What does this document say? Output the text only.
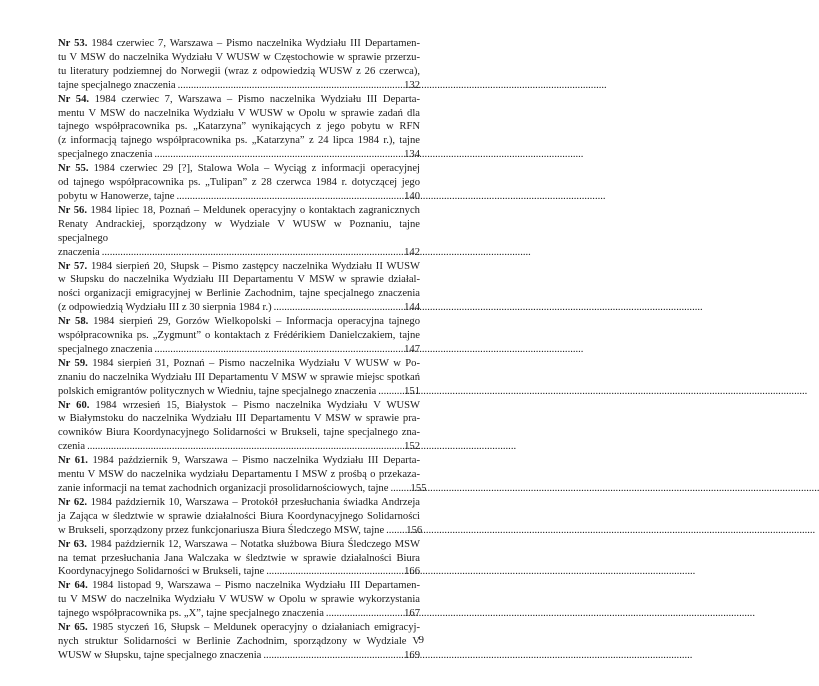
Nr 53. 1984 czerwiec 7, Warszawa – Pismo naczelnika Wydziału III Departamen-
tu V MSW do naczelnika Wydziału V WUSW w Częstochowie w sprawie przerzu-
tu literatury podziemnej do Norwegii (wraz z odpowiedzią WUSW z 26 czerwca),
tajne specjalnego znaczenia .....	132
Nr 54. 1984 czerwiec 7, Warszawa – Pismo naczelnika Wydziału III Departa-
mentu V MSW do naczelnika Wydziału V WUSW w Opolu w sprawie zadań dla
tajnego współpracownika ps. „Katarzyna” wynikających z jego pobytu w RFN
(z informacją tajnego współpracownika ps. „Katarzyna” z 24 lipca 1984 r.), tajne
specjalnego znaczenia .....	134
Nr 55. 1984 czerwiec 29 [?], Stalowa Wola – Wyciąg z informacji operacyjnej
od tajnego współpracownika ps. „Tulipan” z 28 czerwca 1984 r. dotyczącej jego
pobytu w Hanowerze, tajne .....	140
Nr 56. 1984 lipiec 18, Poznań – Meldunek operacyjny o kontaktach zagranicznych
Renaty Andrackiej, sporządzony w Wydziale V WUSW w Poznaniu, tajne specjalnego
znaczenia .....	142
Nr 57. 1984 sierpień 20, Słupsk – Pismo zastępcy naczelnika Wydziału II WUSW
w Słupsku do naczelnika Wydziału III Departamentu V MSW w sprawie działal-
ności organizacji emigracyjnej w Berlinie Zachodnim, tajne specjalnego znaczenia
(z odpowiedzią Wydziału III z 30 sierpnia 1984 r.) .....	144
Nr 58. 1984 sierpień 29, Gorzów Wielkopolski – Informacja operacyjna tajnego
współpracownika ps. „Zygmunt” o kontaktach z Frédérikiem Danielczakiem, tajne
specjalnego znaczenia .....	147
Nr 59. 1984 sierpień 31, Poznań – Pismo naczelnika Wydziału V WUSW w Po-
znaniu do naczelnika Wydziału III Departamentu V MSW w sprawie miejsc spotkań
polskich emigrantów politycznych w Wiedniu, tajne specjalnego znaczenia .....	151
Nr 60. 1984 wrzesień 15, Białystok – Pismo naczelnika Wydziału V WUSW
w Białymstoku do naczelnika Wydziału III Departamentu V MSW w sprawie pra-
cowników Biura Koordynacyjnego Solidarności w Brukseli, tajne specjalnego zna-
czenia .....	152
Nr 61. 1984 październik 9, Warszawa – Pismo naczelnika Wydziału III Departa-
mentu V MSW do naczelnika wydziału Departamentu I MSW z prośbą o przekaza-
zanie informacji na temat zachodnich organizacji prosolidarnościowych, tajne .....	155
Nr 62. 1984 październik 10, Warszawa – Protokół przesłuchania świadka Andrzeja
ja Zająca w śledztwie w sprawie działalności Biura Koordynacyjnego Solidarności
w Brukseli, sporządzony przez funkcjonariusza Biura Śledczego MSW, tajne .....	156
Nr 63. 1984 październik 12, Warszawa – Notatka służbowa Biura Śledczego MSW
na temat przesłuchania Jana Walczaka w śledztwie w sprawie działalności Biura
Koordynacyjnego Solidarności w Brukseli, tajne .....	166
Nr 64. 1984 listopad 9, Warszawa – Pismo naczelnika Wydziału III Departamen-
tu V MSW do naczelnika Wydziału V WUSW w Opolu w sprawie wykorzystania
tajnego współpracownika ps. „X”, tajne specjalnego znaczenia .....	167
Nr 65. 1985 styczeń 16, Słupsk – Meldunek operacyjny o działaniach emigracyj-
nych struktur Solidarności w Berlinie Zachodnim, sporządzony w Wydziale V
WUSW w Słupsku, tajne specjalnego znaczenia .....	169
9
